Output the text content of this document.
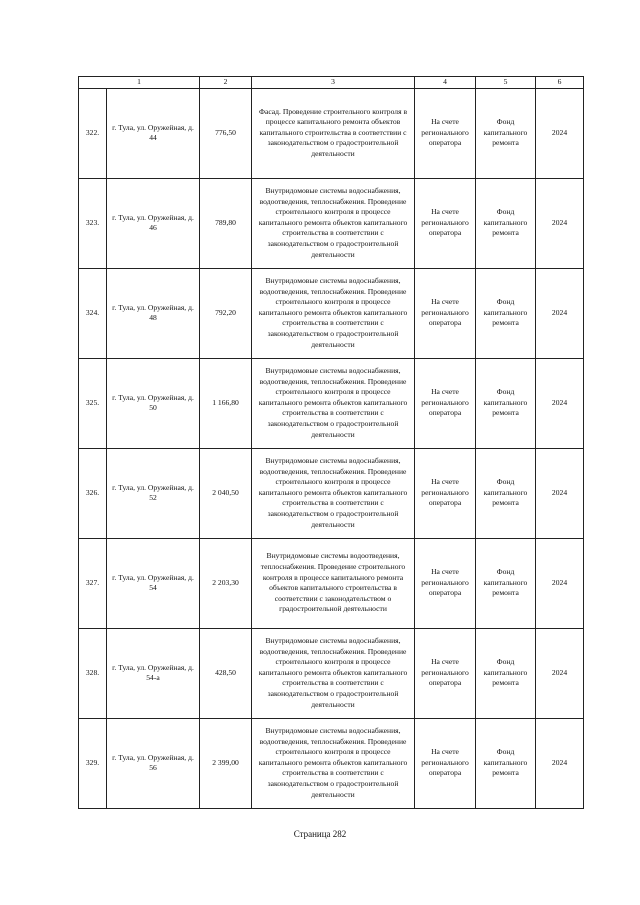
1		2	3	4	5	6
322.	г. Тула, ул. Оружейная, д. 44	776,50	Фасад. Проведение строительного контроля в процессе капитального ремонта объектов капитального строительства в соответствии с законодательством о градостроительной деятельности	На счете регионального оператора	Фонд капитального ремонта	2024
323.	г. Тула, ул. Оружейная, д. 46	789,80	Внутридомовые системы водоснабжения, водоотведения, теплоснабжения. Проведение строительного контроля в процессе капитального ремонта объектов капитального строительства в соответствии с законодательством о градостроительной деятельности	На счете регионального оператора	Фонд капитального ремонта	2024
324.	г. Тула, ул. Оружейная, д. 48	792,20	Внутридомовые системы водоснабжения, водоотведения, теплоснабжения. Проведение строительного контроля в процессе капитального ремонта объектов капитального строительства в соответствии с законодательством о градостроительной деятельности	На счете регионального оператора	Фонд капитального ремонта	2024
325.	г. Тула, ул. Оружейная, д. 50	1 166,80	Внутридомовые системы водоснабжения, водоотведения, теплоснабжения. Проведение строительного контроля в процессе капитального ремонта объектов капитального строительства в соответствии с законодательством о градостроительной деятельности	На счете регионального оператора	Фонд капитального ремонта	2024
326.	г. Тула, ул. Оружейная, д. 52	2 040,50	Внутридомовые системы водоснабжения, водоотведения, теплоснабжения. Проведение строительного контроля в процессе капитального ремонта объектов капитального строительства в соответствии с законодательством о градостроительной деятельности	На счете регионального оператора	Фонд капитального ремонта	2024
327.	г. Тула, ул. Оружейная, д. 54	2 203,30	Внутридомовые системы водоотведения, теплоснабжения. Проведение строительного контроля в процессе капитального ремонта объектов капитального строительства в соответствии с законодательством о градостроительной деятельности	На счете регионального оператора	Фонд капитального ремонта	2024
328.	г. Тула, ул. Оружейная, д. 54-а	428,50	Внутридомовые системы водоснабжения, водоотведения, теплоснабжения. Проведение строительного контроля в процессе капитального ремонта объектов капитального строительства в соответствии с законодательством о градостроительной деятельности	На счете регионального оператора	Фонд капитального ремонта	2024
329.	г. Тула, ул. Оружейная, д. 56	2 399,00	Внутридомовые системы водоснабжения, водоотведения, теплоснабжения. Проведение строительного контроля в процессе капитального ремонта объектов капитального строительства в соответствии с законодательством о градостроительной деятельности	На счете регионального оператора	Фонд капитального ремонта	2024
Страница 282
